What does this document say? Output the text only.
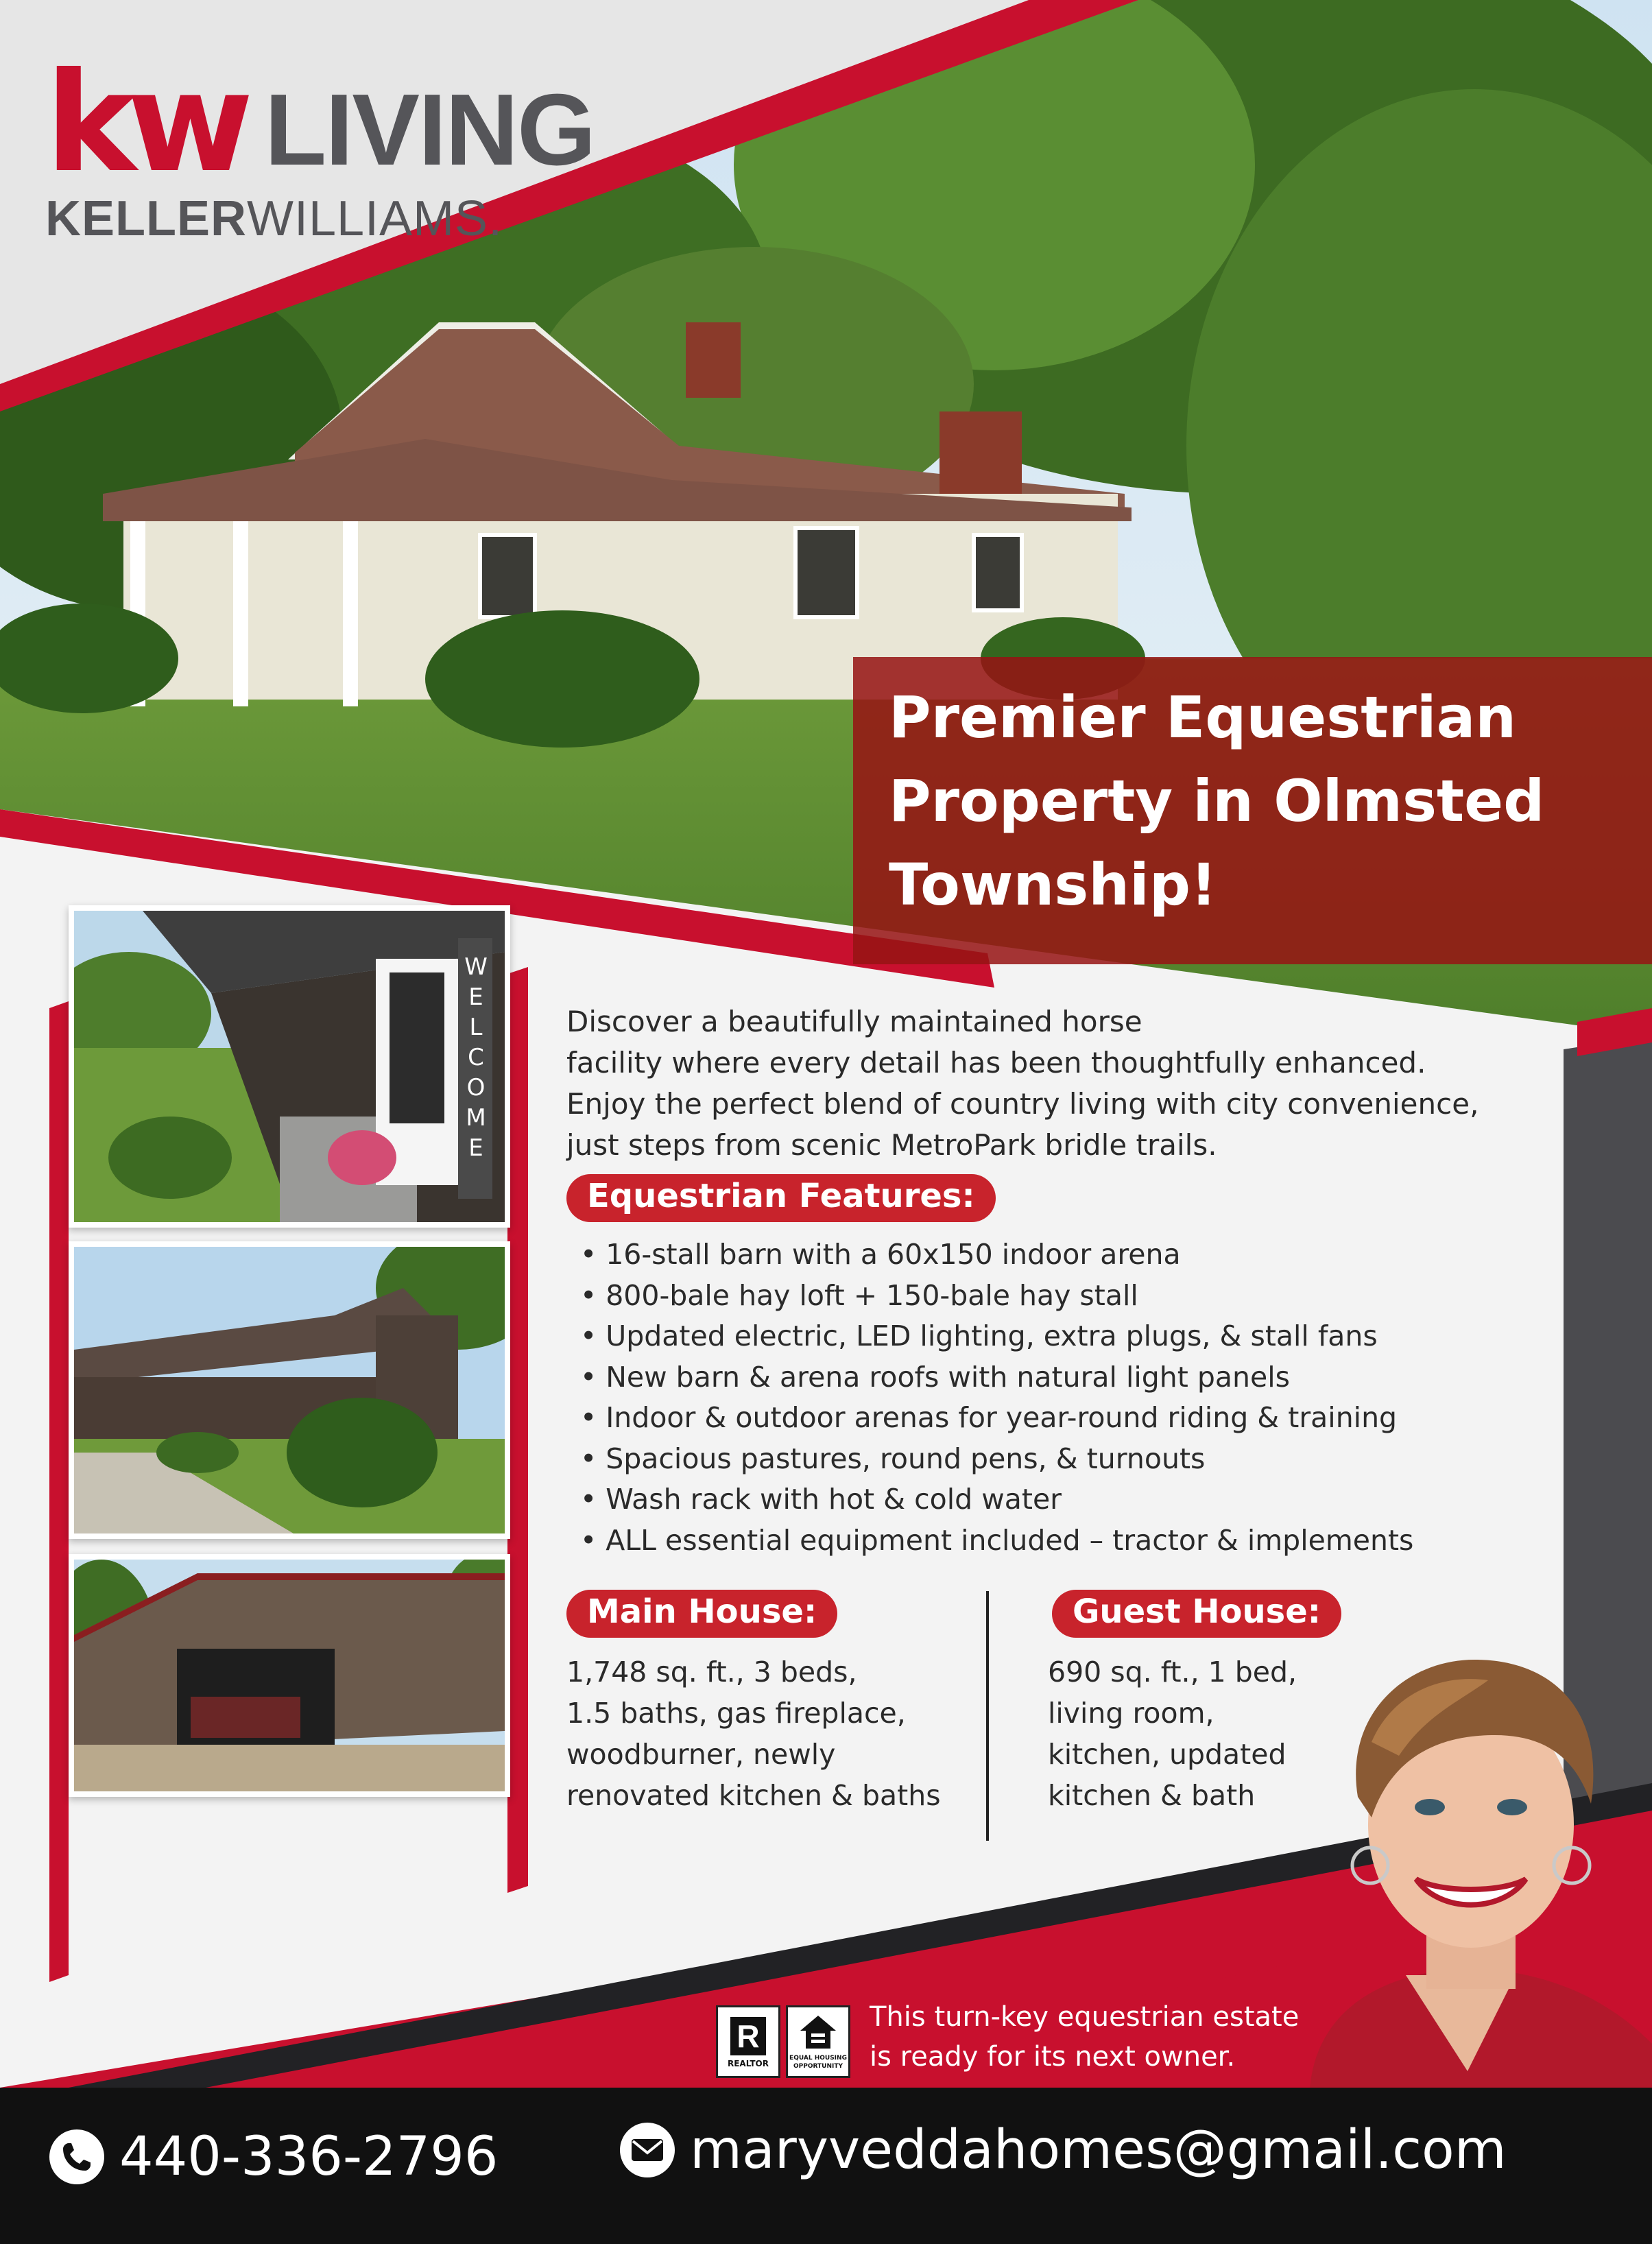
kw LIVING
KELLERWILLIAMS.
Premier Equestrian
Property in Olmsted
Township!
WELCOME
Discover a beautifully maintained horse
facility where every detail has been thoughtfully enhanced.
Enjoy the perfect blend of country living with city convenience,
just steps from scenic MetroPark bridle trails.
Equestrian Features:
• 16-stall barn with a 60x150 indoor arena
• 800-bale hay loft + 150-bale hay stall
• Updated electric, LED lighting, extra plugs, & stall fans
• New barn & arena roofs with natural light panels
• Indoor & outdoor arenas for year-round riding & training
• Spacious pastures, round pens, & turnouts
• Wash rack with hot & cold water
• ALL essential equipment included – tractor & implements
Main House:
1,748 sq. ft., 3 beds,
1.5 baths, gas fireplace,
woodburner, newly
renovated kitchen & baths
Guest House:
690 sq. ft., 1 bed,
living room,
kitchen, updated
kitchen & bath
R
REALTOR
EQUAL HOUSING OPPORTUNITY
This turn-key equestrian estate
is ready for its next owner.
440-336-2796	maryveddahomes@gmail.com
